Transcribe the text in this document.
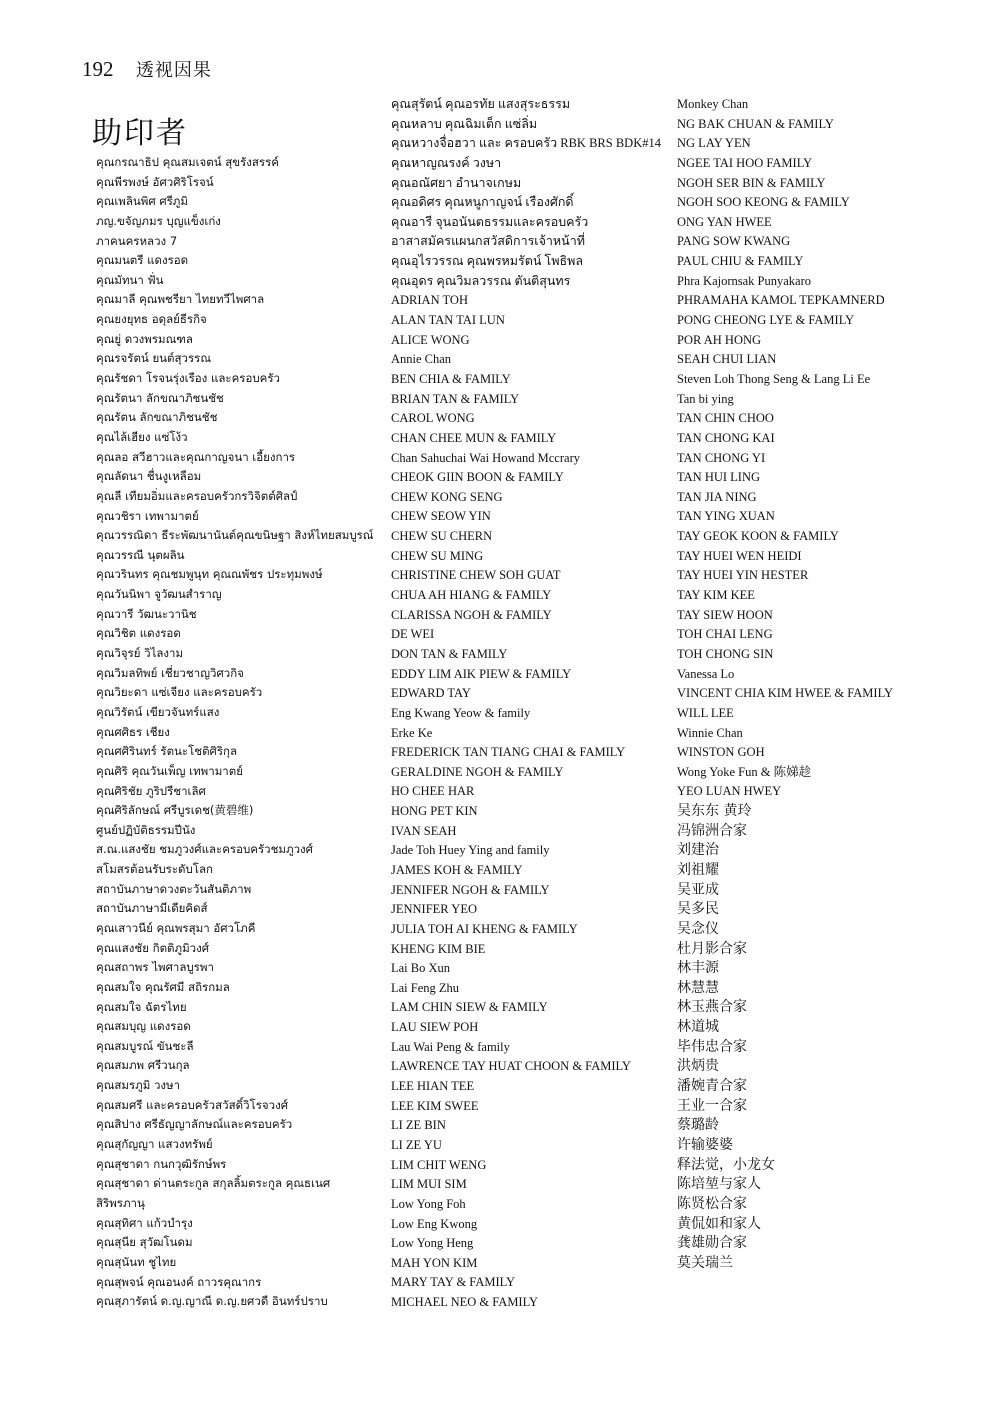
192 透视因果
助印者
คุณกรณาธิป คุณสมเจตน์ สุขรังสรรค์
คุณพีรพงษ์ อัศวศิริโรจน์
คุณเพลินพิศ ศรีภูมิ
ภญ.ขจัญภมร บุญแข็งเก่ง
ภาคนครหลวง 7
คุณมนตรี แดงรอด
คุณมัทนา ฟั่น
คุณมาลี คุณพชรียา ไทยทวีไพศาล
คุณยงยุทธ อดุลย์ธีรกิจ
คุณยู่ ดวงพรมณฑล
คุณรจรัตน์ ยนต์สุวรรณ
คุณรัชดา โรจนรุ่งเรือง และครอบครัว
คุณรัตนา ลักขณาภิชนชัช
คุณรัตน ลักขณาภิชนชัช
คุณไล้เฮียง แซ่โง้ว
คุณลอ สวีฮาวและคุณกาญจนา เอี้ยงการ
คุณลัดนา ชื่นงูเหลือม
คุณลี เทียมอิ่มและครอบครัวกรวิจิตต์ศิลป์
คุณวชิรา เทพามาตย์
คุณวรรณิดา ธีระพัฒนานันต์คุณขนิษฐา สิงห์ไทยสมบูรณ์
คุณวรรณี นุตผลิน
คุณวรินทร คุณชมพูนุท คุณณพัชร ประทุมพงษ์
คุณวันนิพา จูวัฒนสำราญ
คุณวารี วัฒนะวานิช
คุณวิชิต แดงรอด
คุณวิจุรย์ วิไลงาม
คุณวิมลทิพย์ เชี่ยวชาญวิศวกิจ
คุณวิยะดา แซ่เจียง และครอบครัว
คุณวิรัตน์ เขียวจันทร์แสง
คุณศศิธร เชียง
คุณศศิรินทร์ รัตนะโชติศิริกุล
คุณศิริ คุณวันเพ็ญ เทพามาตย์
คุณศิริชัย ภูริปรีชาเลิศ
คุณศิริลักษณ์ ศรีบูรเดช(黄碧维)
ศูนย์ปฏิบัติธรรมปีนัง
ส.ณ.แสงชัย ชมภูวงศ์และครอบครัวชมภูวงศ์
สโมสรต้อนรับระดับโลก
สถาบันภาษาดวงตะวันสันติภาพ
สถาบันภาษามีเดียคิดส์
คุณเสาวนีย์ คุณพรสุมา อัศวโภคี
คุณแสงชัย กิตติภูมิวงศ์
คุณสถาพร ไพศาลบูรพา
คุณสมใจ คุณรัศมี สถิรกมล
คุณสมใจ ฉัตรไทย
คุณสมบุญ แดงรอด
คุณสมบูรณ์ ขันชะลี
คุณสมภพ ศรีวนกุล
คุณสมรภูมิ วงษา
คุณสมศรี และครอบครัวสวัสดิ์วิโรจวงศ์
คุณสิปาง ศรีธัญญาลักษณ์และครอบครัว
คุณสุกัญญา แสวงทรัพย์
คุณสุชาดา กนกวุฒิรักษ์พร
คุณสุชาดา ด่านตระกูล สกุลลิ้มตระกูล คุณธเนศ
สิริพรภานุ
คุณสุทิศา แก้วบำรุง
คุณสุนีย สุวัฒโนดม
คุณสุนันท ชูไทย
คุณสุพจน์ คุณอนงค์ ถาวรคุณากร
คุณสุภารัตน์ ด.ญ.ญาณี ด.ญ.ยศวดี อินทร์ปราบ
คุณสุรัตน์ คุณอรทัย แสงสุระธรรม
คุณหลาบ คุณฉิมเต็ก แซ่ลิ่ม
คุณหวางจื่อฮวา และ ครอบครัว RBK BRS BDK#14
คุณหาญณรงค์ วงษา
คุณอณัศยา อำนาจเกษม
คุณอดิศร คุณหนูกาญจน์ เรืองศักดิ์
คุณอารี จุนอนันตธรรมและครอบครัว
อาสาสมัครแผนกสวัสดิการเจ้าหน้าที่
คุณอุไรวรรณ คุณพรหมรัตน์ โพธิพล
คุณอุดร คุณวิมลวรรณ ตันติสุนทร
ADRIAN TOH
ALAN TAN TAI LUN
ALICE WONG
Annie Chan
BEN CHIA & FAMILY
BRIAN TAN & FAMILY
CAROL WONG
CHAN CHEE MUN & FAMILY
Chan Sahuchai Wai Howand Mccrary
CHEOK GIIN BOON & FAMILY
CHEW KONG SENG
CHEW SEOW YIN
CHEW SU CHERN
CHEW SU MING
CHRISTINE CHEW SOH GUAT
CHUA AH HIANG & FAMILY
CLARISSA NGOH & FAMILY
DE WEI
DON TAN & FAMILY
EDDY LIM AIK PIEW & FAMILY
EDWARD TAY
Eng Kwang Yeow & family
Erke Ke
FREDERICK TAN TIANG CHAI & FAMILY
GERALDINE NGOH & FAMILY
HO CHEE HAR
HONG PET KIN
IVAN SEAH
Jade Toh Huey Ying and family
JAMES KOH & FAMILY
JENNIFER NGOH & FAMILY
JENNIFER YEO
JULIA TOH AI KHENG & FAMILY
KHENG KIM BIE
Lai Bo Xun
Lai Feng Zhu
LAM CHIN SIEW & FAMILY
LAU SIEW POH
Lau Wai Peng & family
LAWRENCE TAY HUAT CHOON & FAMILY
LEE HIAN TEE
LEE KIM SWEE
LI ZE BIN
LI ZE YU
LIM CHIT WENG
LIM MUI SIM
Low Yong Foh
Low Eng Kwong
Low Yong Heng
MAH YON KIM
MARY TAY & FAMILY
MICHAEL NEO & FAMILY
Monkey Chan
NG BAK CHUAN & FAMILY
NG LAY YEN
NGEE TAI HOO FAMILY
NGOH SER BIN & FAMILY
NGOH SOO KEONG & FAMILY
ONG YAN HWEE
PANG SOW KWANG
PAUL CHIU & FAMILY
Phra Kajornsak Punyakaro
PHRAMAHA KAMOL TEPKAMNERD
PONG CHEONG LYE & FAMILY
POR AH HONG
SEAH CHUI LIAN
Steven Loh Thong Seng & Lang Li Ee
Tan bi ying
TAN CHIN CHOO
TAN CHONG KAI
TAN CHONG YI
TAN HUI LING
TAN JIA NING
TAN YING XUAN
TAY GEOK KOON & FAMILY
TAY HUEI WEN HEIDI
TAY HUEI YIN HESTER
TAY KIM KEE
TAY SIEW HOON
TOH CHAI LENG
TOH CHONG SIN
Vanessa Lo
VINCENT CHIA KIM HWEE & FAMILY
WILL LEE
Winnie Chan
WINSTON GOH
Wong Yoke Fun & 陈娣趁
YEO LUAN HWEY
吴东东 黄玲
冯锦洲合家
刘建治
刘祖耀
吴亚成
吴多民
吴念仪
杜月影合家
林丰源
林慧慧
林玉燕合家
林道城
毕伟忠合家
洪炳贵
潘婉青合家
王业一合家
蔡璐龄
许输婆婆
释法觉，小龙女
陈培堃与家人
陈贤松合家
黄侃如和家人
龚雄勋合家
莫关瑞兰
